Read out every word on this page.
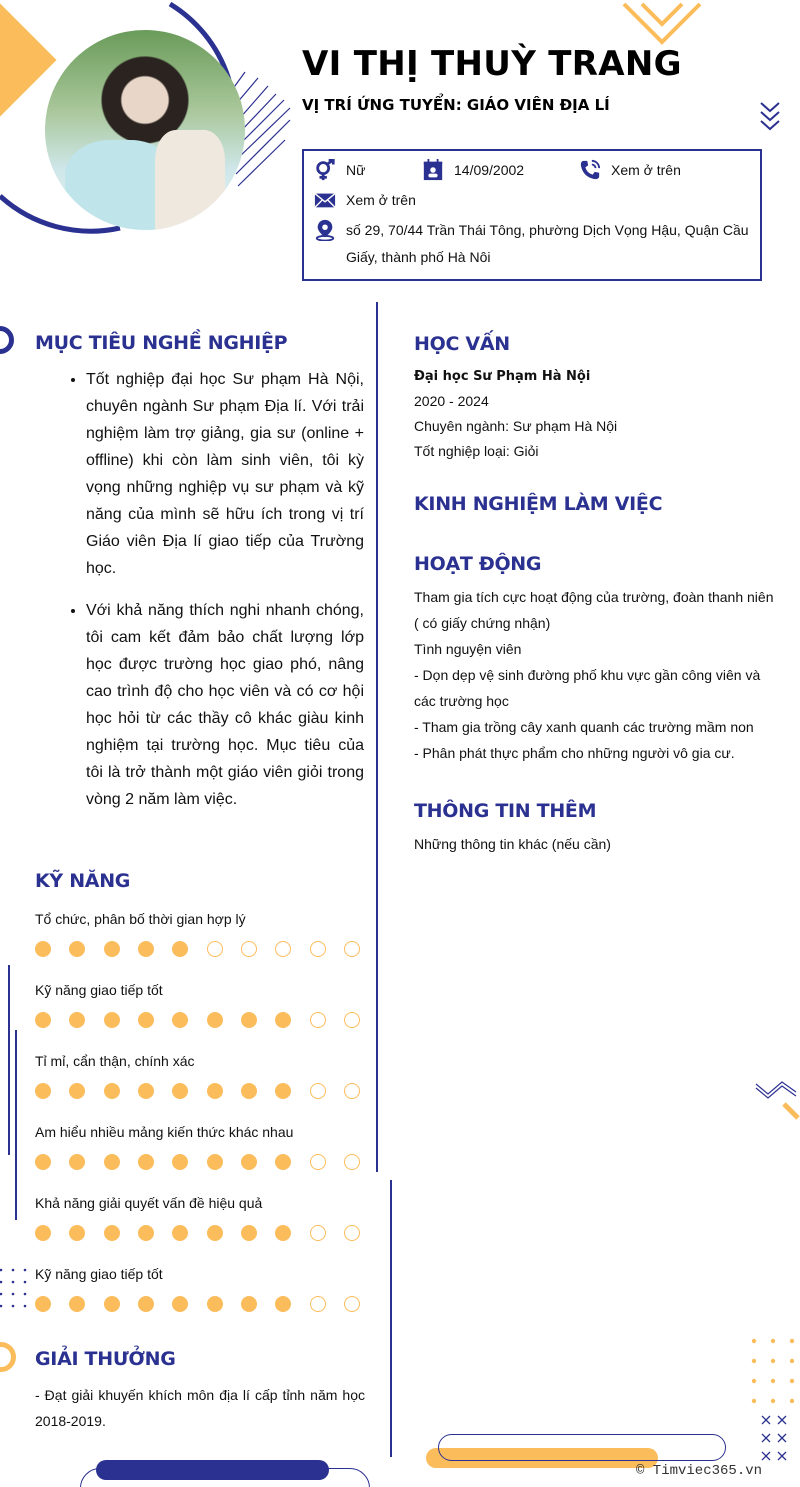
VI THỊ THUỲ TRANG
VỊ TRÍ ỨNG TUYỂN: GIÁO VIÊN ĐỊA LÍ
Nữ	14/09/2002	Xem ở trên
Xem ở trên
số 29, 70/44 Trần Thái Tông, phường Dịch Vọng Hậu, Quận Cầu
Giấy, thành phố Hà Nôi
MỤC TIÊU NGHỀ NGHIỆP
• Tốt nghiệp đại học Sư phạm Hà Nội, chuyên ngành Sư phạm Địa lí. Với trải nghiệm làm trợ giảng, gia sư (online + offline) khi còn làm sinh viên, tôi kỳ vọng những nghiệp vụ sư phạm và kỹ năng của mình sẽ hữu ích trong vị trí Giáo viên Địa lí giao tiếp của Trường học.
• Với khả năng thích nghi nhanh chóng, tôi cam kết đảm bảo chất lượng lớp học được trường học giao phó, nâng cao trình độ cho học viên và có cơ hội học hỏi từ các thầy cô khác giàu kinh nghiệm tại trường học. Mục tiêu của tôi là trở thành một giáo viên giỏi trong vòng 2 năm làm việc.
KỸ NĂNG
Tổ chức, phân bố thời gian hợp lý
Kỹ năng giao tiếp tốt
Tỉ mỉ, cẩn thận, chính xác
Am hiểu nhiều mảng kiến thức khác nhau
Khả năng giải quyết vấn đề hiệu quả
Kỹ năng giao tiếp tốt
GIẢI THƯỞNG
- Đạt giải khuyến khích môn địa lí cấp tỉnh năm học 2018-2019.
HỌC VẤN
Đại học Sư Phạm Hà Nội
2020 - 2024
Chuyên ngành: Sư phạm Hà Nội
Tốt nghiệp loại: Giỏi
KINH NGHIỆM LÀM VIỆC
HOẠT ĐỘNG
Tham gia tích cực hoạt động của trường, đoàn thanh niên
( có giấy chứng nhận)
Tình nguyện viên
- Dọn dẹp vệ sinh đường phố khu vực gần công viên và
các trường học
- Tham gia trồng cây xanh quanh các trường mầm non
- Phân phát thực phẩm cho những người vô gia cư.
THÔNG TIN THÊM
Những thông tin khác (nếu cần)
© Timviec365.vn
